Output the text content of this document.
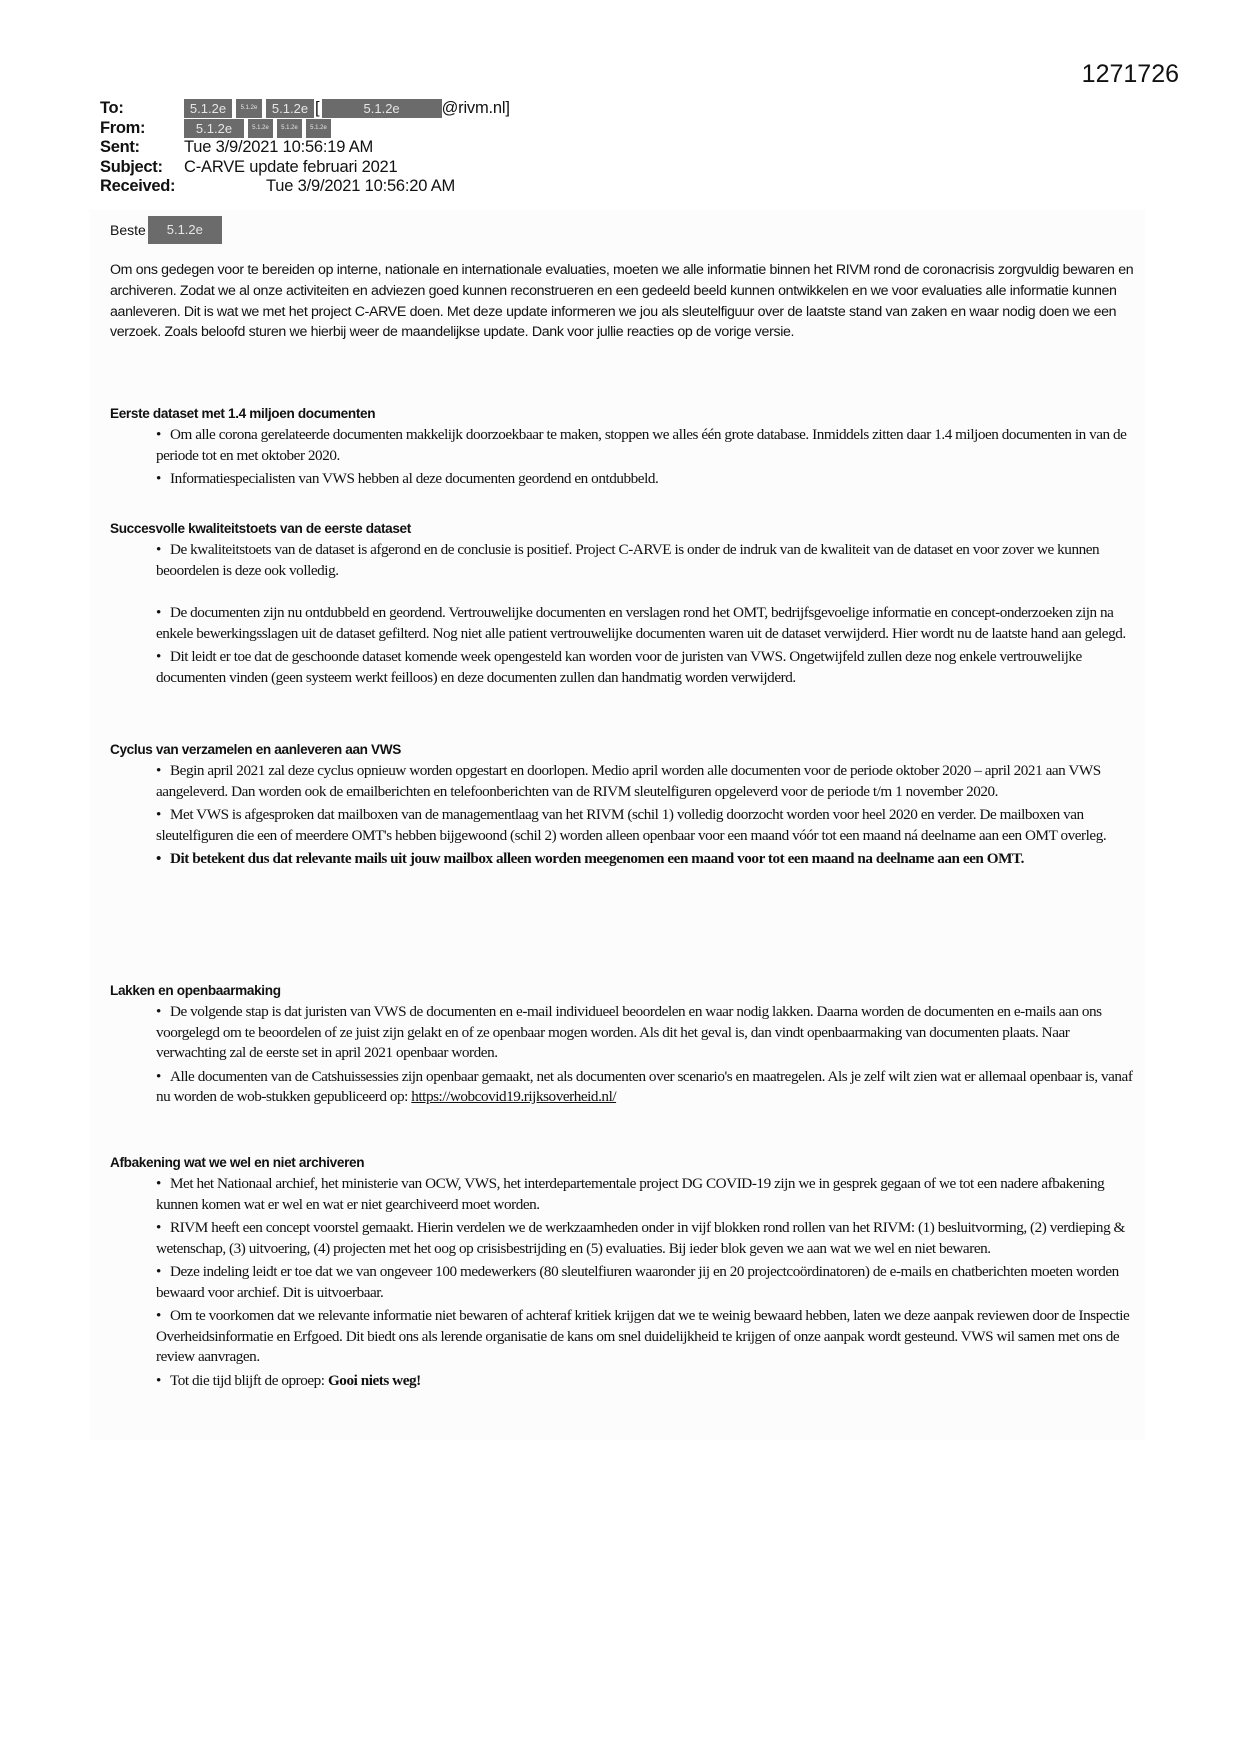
1271726
To:	5.1.2e	5.1.2e	5.1.2e [	5.1.2e	@rivm.nl]
From:	5.1.2e	5.1.2e	5.1.2e	5.1.2e
Sent:	Tue 3/9/2021 10:56:19 AM
Subject:	C-ARVE update februari 2021
Received:	Tue 3/9/2021 10:56:20 AM
Beste	5.1.2e
Om ons gedegen voor te bereiden op interne, nationale en internationale evaluaties, moeten we alle informatie binnen het RIVM rond de coronacrisis zorgvuldig bewaren en archiveren. Zodat we al onze activiteiten en adviezen goed kunnen reconstrueren en een gedeeld beeld kunnen ontwikkelen en we voor evaluaties alle informatie kunnen aanleveren. Dit is wat we met het project C-ARVE doen. Met deze update informeren we jou als sleutelfiguur over de laatste stand van zaken en waar nodig doen we een verzoek. Zoals beloofd sturen we hierbij weer de maandelijkse update. Dank voor jullie reacties op de vorige versie.
Eerste dataset met 1.4 miljoen documenten
• Om alle corona gerelateerde documenten makkelijk doorzoekbaar te maken, stoppen we alles één grote database. Inmiddels zitten daar 1.4 miljoen documenten in van de periode tot en met oktober 2020.
• Informatiespecialisten van VWS hebben al deze documenten geordend en ontdubbeld.
Succesvolle kwaliteitstoets van de eerste dataset
• De kwaliteitstoets van de dataset is afgerond en de conclusie is positief. Project C-ARVE is onder de indruk van de kwaliteit van de dataset en voor zover we kunnen beoordelen is deze ook volledig.
• De documenten zijn nu ontdubbeld en geordend. Vertrouwelijke documenten en verslagen rond het OMT, bedrijfsgevoelige informatie en concept-onderzoeken zijn na enkele bewerkingsslagen uit de dataset gefilterd. Nog niet alle patient vertrouwelijke documenten waren uit de dataset verwijderd. Hier wordt nu de laatste hand aan gelegd.
• Dit leidt er toe dat de geschoonde dataset komende week opengesteld kan worden voor de juristen van VWS. Ongetwijfeld zullen deze nog enkele vertrouwelijke documenten vinden (geen systeem werkt feilloos) en deze documenten zullen dan handmatig worden verwijderd.
Cyclus van verzamelen en aanleveren aan VWS
• Begin april 2021 zal deze cyclus opnieuw worden opgestart en doorlopen. Medio april worden alle documenten voor de periode oktober 2020 – april 2021 aan VWS aangeleverd. Dan worden ook de emailberichten en telefoonberichten van de RIVM sleutelfiguren opgeleverd voor de periode t/m 1 november 2020.
• Met VWS is afgesproken dat mailboxen van de managementlaag van het RIVM (schil 1) volledig doorzocht worden voor heel 2020 en verder. De mailboxen van sleutelfiguren die een of meerdere OMT's hebben bijgewoond (schil 2) worden alleen openbaar voor een maand vóór tot een maand ná deelname aan een OMT overleg.
• Dit betekent dus dat relevante mails uit jouw mailbox alleen worden meegenomen een maand voor tot een maand na deelname aan een OMT.
Lakken en openbaarmaking
• De volgende stap is dat juristen van VWS de documenten en e-mail individueel beoordelen en waar nodig lakken. Daarna worden de documenten en e-mails aan ons voorgelegd om te beoordelen of ze juist zijn gelakt en of ze openbaar mogen worden. Als dit het geval is, dan vindt openbaarmaking van documenten plaats. Naar verwachting zal de eerste set in april 2021 openbaar worden.
• Alle documenten van de Catshuissessies zijn openbaar gemaakt, net als documenten over scenario's en maatregelen. Als je zelf wilt zien wat er allemaal openbaar is, vanaf nu worden de wob-stukken gepubliceerd op: https://wobcovid19.rijksoverheid.nl/
Afbakening wat we wel en niet archiveren
• Met het Nationaal archief, het ministerie van OCW, VWS, het interdepartementale project DG COVID-19 zijn we in gesprek gegaan of we tot een nadere afbakening kunnen komen wat er wel en wat er niet gearchiveerd moet worden.
• RIVM heeft een concept voorstel gemaakt. Hierin verdelen we de werkzaamheden onder in vijf blokken rond rollen van het RIVM: (1) besluitvorming, (2) verdieping & wetenschap, (3) uitvoering, (4) projecten met het oog op crisisbestrijding en (5) evaluaties. Bij ieder blok geven we aan wat we wel en niet bewaren.
• Deze indeling leidt er toe dat we van ongeveer 100 medewerkers (80 sleutelfiuren waaronder jij en 20 projectcoördinatoren) de e-mails en chatberichten moeten worden bewaard voor archief. Dit is uitvoerbaar.
• Om te voorkomen dat we relevante informatie niet bewaren of achteraf kritiek krijgen dat we te weinig bewaard hebben, laten we deze aanpak reviewen door de Inspectie Overheidsinformatie en Erfgoed. Dit biedt ons als lerende organisatie de kans om snel duidelijkheid te krijgen of onze aanpak wordt gesteund. VWS wil samen met ons de review aanvragen.
• Tot die tijd blijft de oproep: Gooi niets weg!
